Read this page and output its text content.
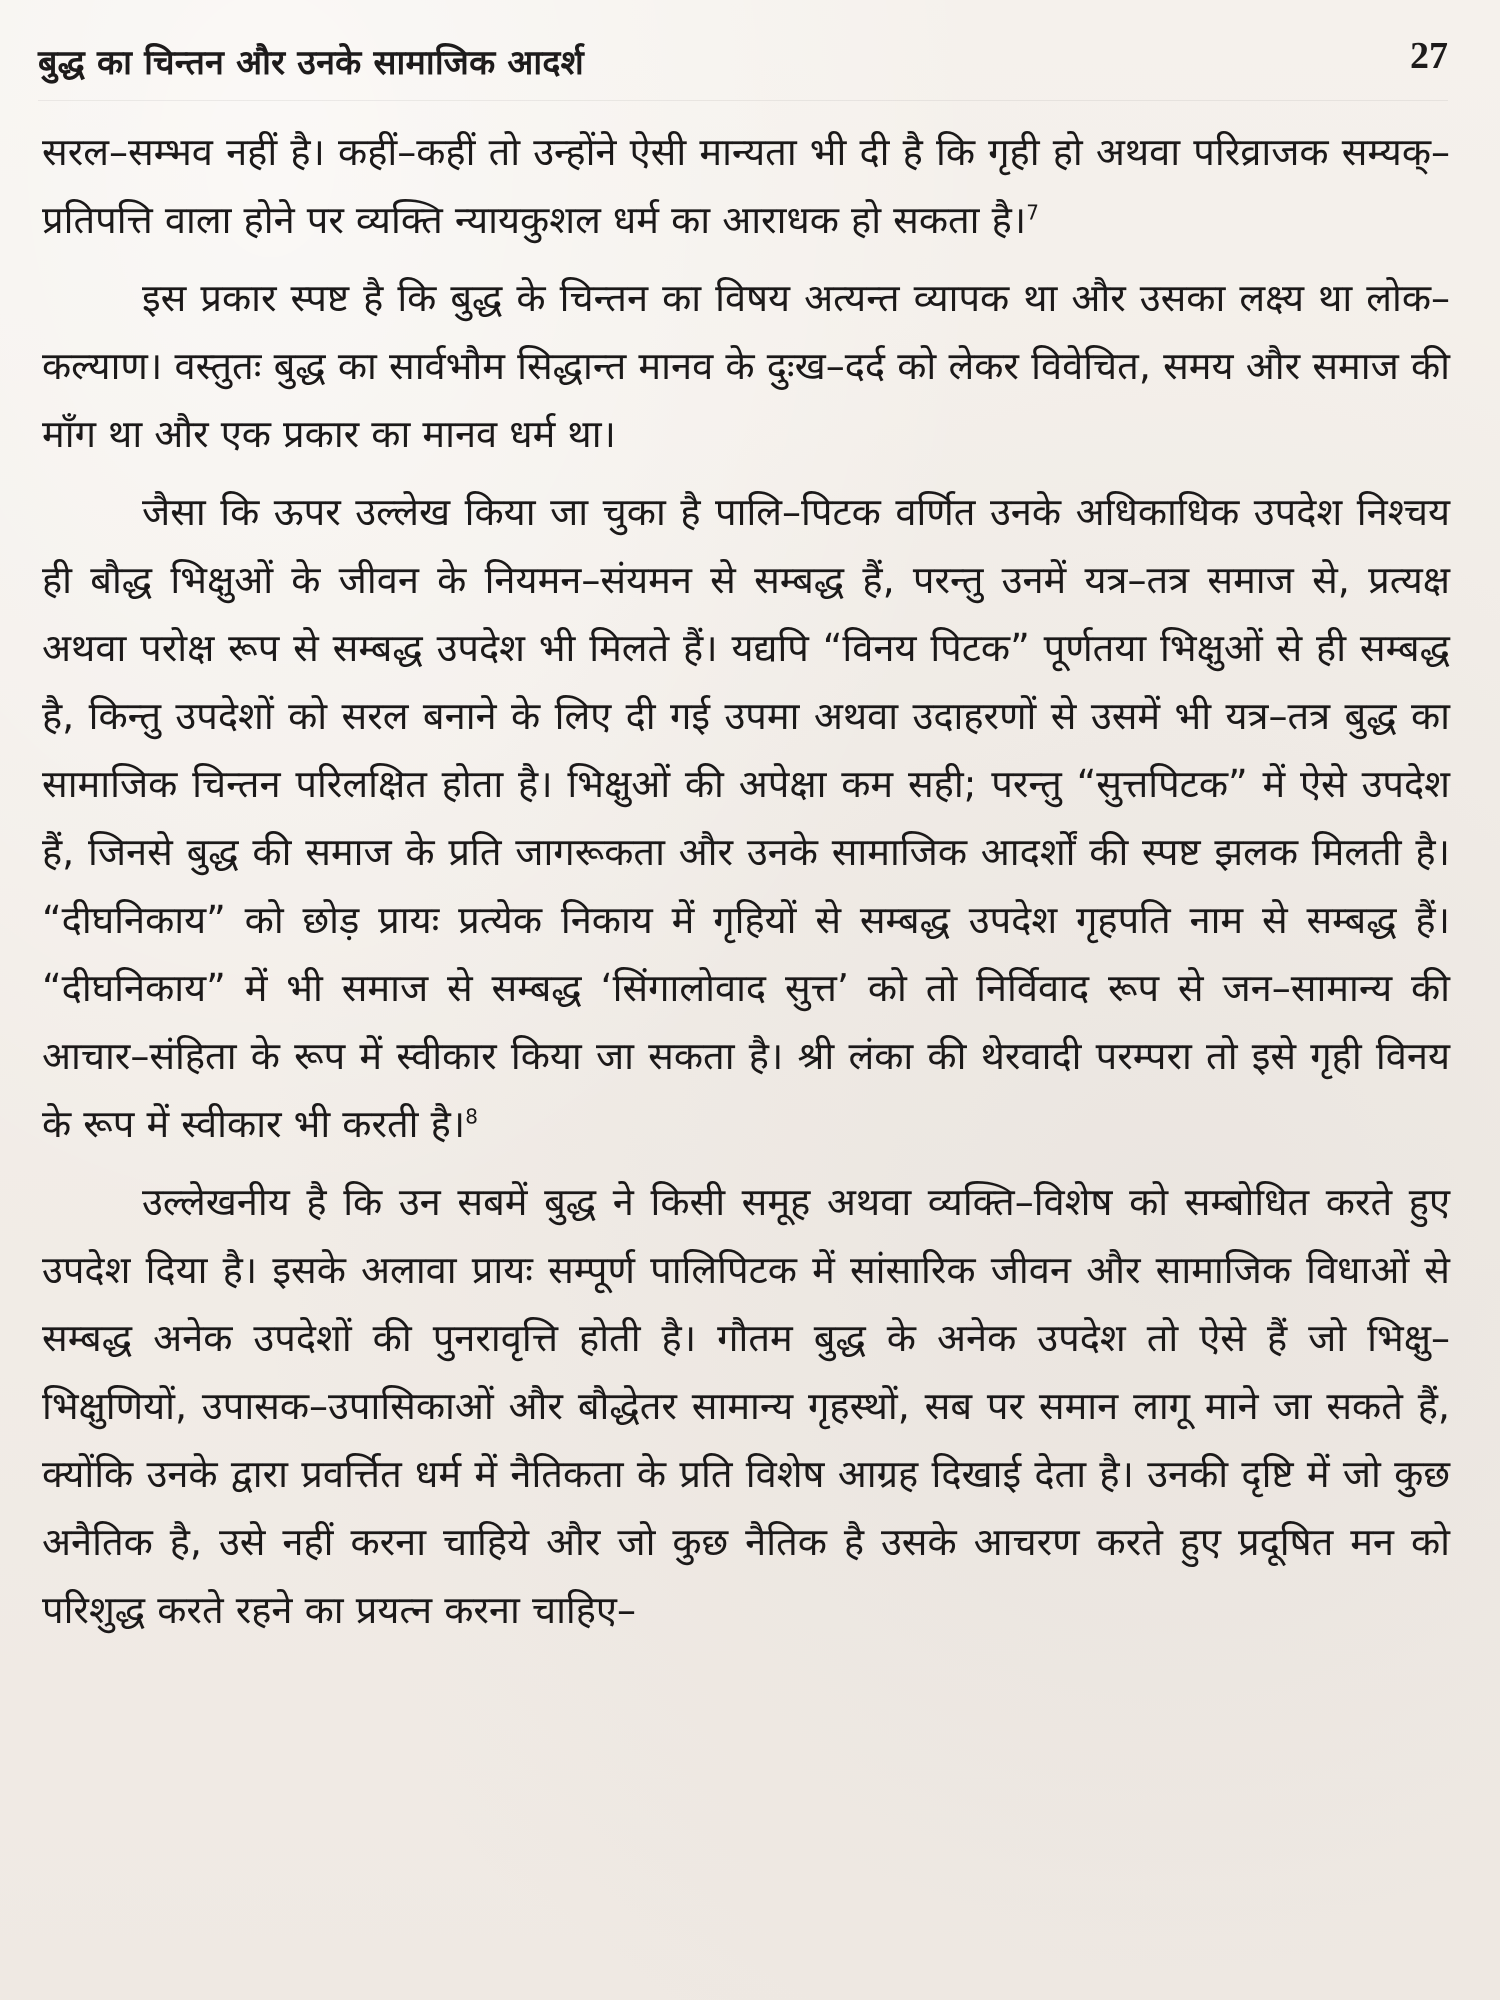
बुद्ध का चिन्तन और उनके सामाजिक आदर्श	27

सरल–सम्भव नहीं है। कहीं–कहीं तो उन्होंने ऐसी मान्यता भी दी है कि गृही हो अथवा परिव्राजक सम्यक्–प्रतिपत्ति वाला होने पर व्यक्ति न्यायकुशल धर्म का आराधक हो सकता है।$^7$

इस प्रकार स्पष्ट है कि बुद्ध के चिन्तन का विषय अत्यन्त व्यापक था और उसका लक्ष्य था लोक–कल्याण। वस्तुतः बुद्ध का सार्वभौम सिद्धान्त मानव के दुःख–दर्द को लेकर विवेचित, समय और समाज की माँग था और एक प्रकार का मानव धर्म था।

जैसा कि ऊपर उल्लेख किया जा चुका है पालि–पिटक वर्णित उनके अधिकाधिक उपदेश निश्चय ही बौद्ध भिक्षुओं के जीवन के नियमन–संयमन से सम्बद्ध हैं, परन्तु उनमें यत्र–तत्र समाज से, प्रत्यक्ष अथवा परोक्ष रूप से सम्बद्ध उपदेश भी मिलते हैं। यद्यपि “विनय पिटक” पूर्णतया भिक्षुओं से ही सम्बद्ध है, किन्तु उपदेशों को सरल बनाने के लिए दी गई उपमा अथवा उदाहरणों से उसमें भी यत्र–तत्र बुद्ध का सामाजिक चिन्तन परिलक्षित होता है। भिक्षुओं की अपेक्षा कम सही; परन्तु “सुत्तपिटक” में ऐसे उपदेश हैं, जिनसे बुद्ध की समाज के प्रति जागरूकता और उनके सामाजिक आदर्शों की स्पष्ट झलक मिलती है। “दीघनिकाय” को छोड़ प्रायः प्रत्येक निकाय में गृहियों से सम्बद्ध उपदेश गृहपति नाम से सम्बद्ध हैं। “दीघनिकाय” में भी समाज से सम्बद्ध ‘सिंगालोवाद सुत्त’ को तो निर्विवाद रूप से जन–सामान्य की आचार–संहिता के रूप में स्वीकार किया जा सकता है। श्री लंका की थेरवादी परम्परा तो इसे गृही विनय के रूप में स्वीकार भी करती है।$^8$

उल्लेखनीय है कि उन सबमें बुद्ध ने किसी समूह अथवा व्यक्ति–विशेष को सम्बोधित करते हुए उपदेश दिया है। इसके अलावा प्रायः सम्पूर्ण पालिपिटक में सांसारिक जीवन और सामाजिक विधाओं से सम्बद्ध अनेक उपदेशों की पुनरावृत्ति होती है। गौतम बुद्ध के अनेक उपदेश तो ऐसे हैं जो भिक्षु–भिक्षुणियों, उपासक–उपासिकाओं और बौद्धेतर सामान्य गृहस्थों, सब पर समान लागू माने जा सकते हैं, क्योंकि उनके द्वारा प्रवर्त्तित धर्म में नैतिकता के प्रति विशेष आग्रह दिखाई देता है। उनकी दृष्टि में जो कुछ अनैतिक है, उसे नहीं करना चाहिये और जो कुछ नैतिक है उसके आचरण करते हुए प्रदूषित मन को परिशुद्ध करते रहने का प्रयत्न करना चाहिए–
